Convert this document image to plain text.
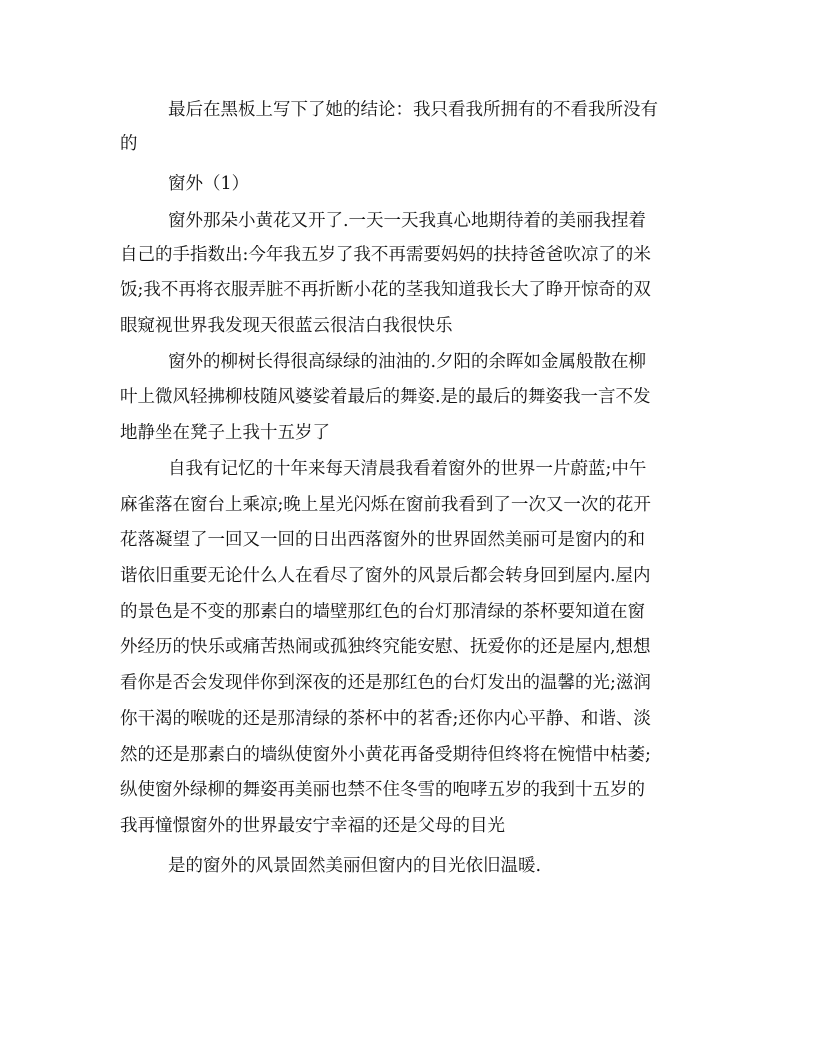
最后在黑板上写下了她的结论：我只看我所拥有的不看我所没有
的
窗外（1）
窗外那朵小黄花又开了.一天一天我真心地期待着的美丽我捏着
自己的手指数出:今年我五岁了我不再需要妈妈的扶持爸爸吹凉了的米
饭;我不再将衣服弄脏不再折断小花的茎我知道我长大了睁开惊奇的双
眼窥视世界我发现天很蓝云很洁白我很快乐
窗外的柳树长得很高绿绿的油油的.夕阳的余晖如金属般散在柳
叶上微风轻拂柳枝随风婆娑着最后的舞姿.是的最后的舞姿我一言不发
地静坐在凳子上我十五岁了
自我有记忆的十年来每天清晨我看着窗外的世界一片蔚蓝;中午
麻雀落在窗台上乘凉;晚上星光闪烁在窗前我看到了一次又一次的花开
花落凝望了一回又一回的日出西落窗外的世界固然美丽可是窗内的和
谐依旧重要无论什么人在看尽了窗外的风景后都会转身回到屋内.屋内
的景色是不变的那素白的墙壁那红色的台灯那清绿的茶杯要知道在窗
外经历的快乐或痛苦热闹或孤独终究能安慰、抚爱你的还是屋内,想想
看你是否会发现伴你到深夜的还是那红色的台灯发出的温馨的光;滋润
你干渴的喉咙的还是那清绿的茶杯中的茗香;还你内心平静、和谐、淡
然的还是那素白的墙纵使窗外小黄花再备受期待但终将在惋惜中枯萎;
纵使窗外绿柳的舞姿再美丽也禁不住冬雪的咆哮五岁的我到十五岁的
我再憧憬窗外的世界最安宁幸福的还是父母的目光
是的窗外的风景固然美丽但窗内的目光依旧温暖.
